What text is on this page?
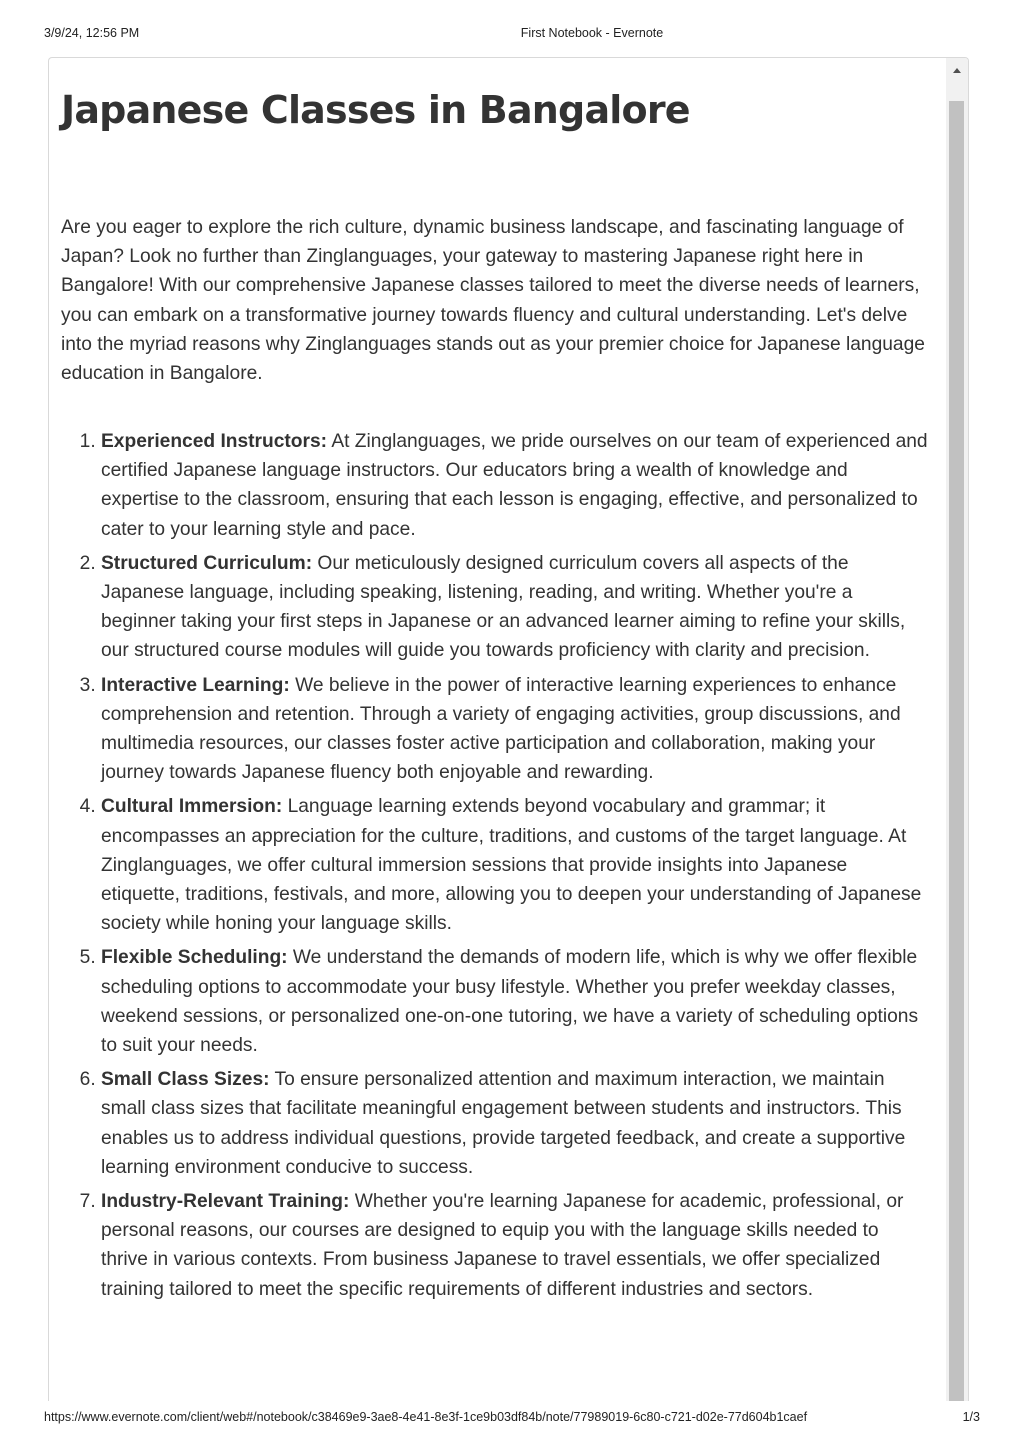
3/9/24, 12:56 PM	First Notebook - Evernote
Japanese Classes in Bangalore

Are you eager to explore the rich culture, dynamic business landscape, and fascinating language of Japan? Look no further than Zinglanguages, your gateway to mastering Japanese right here in Bangalore! With our comprehensive Japanese classes tailored to meet the diverse needs of learners, you can embark on a transformative journey towards fluency and cultural understanding. Let's delve into the myriad reasons why Zinglanguages stands out as your premier choice for Japanese language education in Bangalore.

1. Experienced Instructors: At Zinglanguages, we pride ourselves on our team of experienced and certified Japanese language instructors. Our educators bring a wealth of knowledge and expertise to the classroom, ensuring that each lesson is engaging, effective, and personalized to cater to your learning style and pace.
2. Structured Curriculum: Our meticulously designed curriculum covers all aspects of the Japanese language, including speaking, listening, reading, and writing. Whether you're a beginner taking your first steps in Japanese or an advanced learner aiming to refine your skills, our structured course modules will guide you towards proficiency with clarity and precision.
3. Interactive Learning: We believe in the power of interactive learning experiences to enhance comprehension and retention. Through a variety of engaging activities, group discussions, and multimedia resources, our classes foster active participation and collaboration, making your journey towards Japanese fluency both enjoyable and rewarding.
4. Cultural Immersion: Language learning extends beyond vocabulary and grammar; it encompasses an appreciation for the culture, traditions, and customs of the target language. At Zinglanguages, we offer cultural immersion sessions that provide insights into Japanese etiquette, traditions, festivals, and more, allowing you to deepen your understanding of Japanese society while honing your language skills.
5. Flexible Scheduling: We understand the demands of modern life, which is why we offer flexible scheduling options to accommodate your busy lifestyle. Whether you prefer weekday classes, weekend sessions, or personalized one-on-one tutoring, we have a variety of scheduling options to suit your needs.
6. Small Class Sizes: To ensure personalized attention and maximum interaction, we maintain small class sizes that facilitate meaningful engagement between students and instructors. This enables us to address individual questions, provide targeted feedback, and create a supportive learning environment conducive to success.
7. Industry-Relevant Training: Whether you're learning Japanese for academic, professional, or personal reasons, our courses are designed to equip you with the language skills needed to thrive in various contexts. From business Japanese to travel essentials, we offer specialized training tailored to meet the specific requirements of different industries and sectors.
https://www.evernote.com/client/web#/notebook/c38469e9-3ae8-4e41-8e3f-1ce9b03df84b/note/77989019-6c80-c721-d02e-77d604b1caef	1/3
